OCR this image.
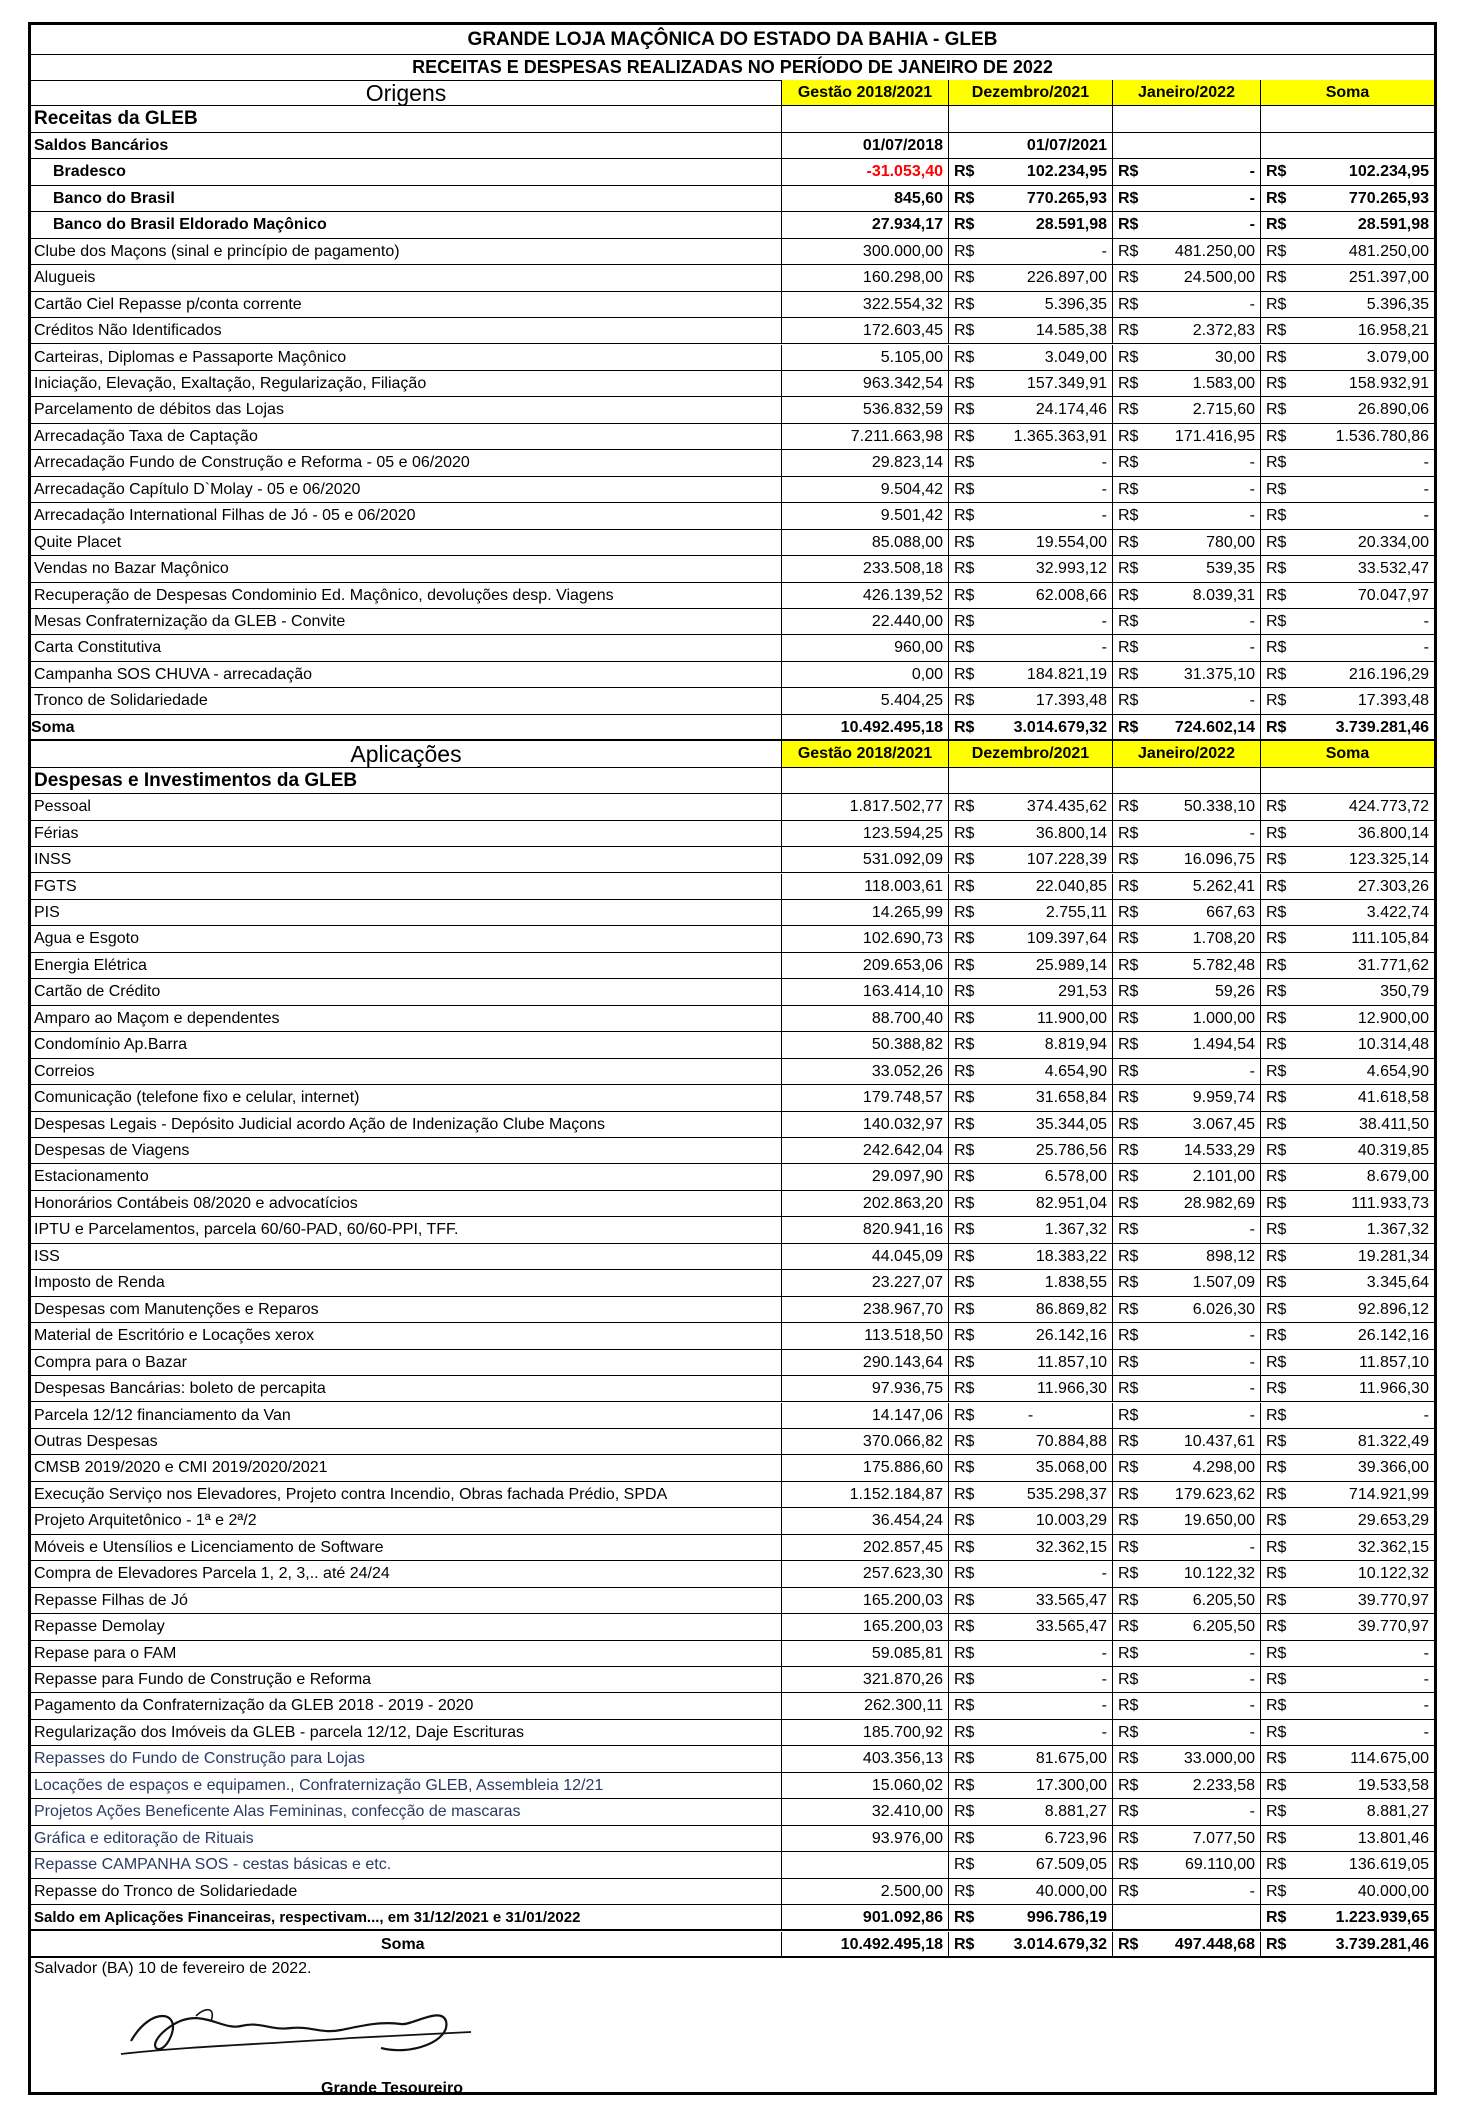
GRANDE LOJA MAÇÔNICA DO ESTADO DA BAHIA - GLEB
RECEITAS E DESPESAS REALIZADAS NO PERÍODO DE JANEIRO DE 2022
Origens	Gestão 2018/2021	Dezembro/2021	Janeiro/2022	Soma
Receitas da GLEB
Saldos Bancários	01/07/2018	01/07/2021
Bradesco	-31.053,40 R$	102.234,95 R$	- R$	102.234,95
Banco do Brasil	845,60 R$	770.265,93 R$	- R$	770.265,93
Banco do Brasil Eldorado Maçônico	27.934,17 R$	28.591,98 R$	- R$	28.591,98
Clube dos Maçons (sinal e princípio de pagamento)	300.000,00 R$	- R$ 481.250,00 R$	481.250,00
Alugueis	160.298,00 R$	226.897,00 R$	24.500,00 R$	251.397,00
Cartão Ciel Repasse p/conta corrente	322.554,32 R$	5.396,35 R$	- R$	5.396,35
Créditos Não Identificados	172.603,45 R$	14.585,38 R$	2.372,83 R$	16.958,21
Carteiras, Diplomas e Passaporte Maçônico	5.105,00 R$	3.049,00 R$	30,00 R$	3.079,00
Iniciação, Elevação, Exaltação, Regularização, Filiação	963.342,54 R$	157.349,91 R$	1.583,00 R$	158.932,91
Parcelamento de débitos das Lojas	536.832,59 R$	24.174,46 R$	2.715,60 R$	26.890,06
Arrecadação Taxa de Captação	7.211.663,98 R$ 1.365.363,91 R$ 171.416,95 R$	1.536.780,86
Arrecadação Fundo de Construção e Reforma - 05 e 06/2020	29.823,14 R$	- R$	- R$	-
Arrecadação Capítulo D`Molay - 05 e 06/2020	9.504,42 R$	- R$	- R$	-
Arrecadação International Filhas de Jó - 05 e 06/2020	9.501,42 R$	- R$	- R$	-
Quite Placet	85.088,00 R$	19.554,00 R$	780,00 R$	20.334,00
Vendas no Bazar Maçônico	233.508,18 R$	32.993,12 R$	539,35 R$	33.532,47
Recuperação de Despesas Condominio Ed. Maçônico, devoluções desp. Viagens	426.139,52 R$	62.008,66 R$	8.039,31 R$	70.047,97
Mesas Confraternização da GLEB - Convite	22.440,00 R$	- R$	- R$	-
Carta Constitutiva	960,00 R$	- R$	- R$	-
Campanha SOS CHUVA - arrecadação	0,00 R$	184.821,19 R$	31.375,10 R$	216.196,29
Tronco de Solidariedade	5.404,25 R$	17.393,48 R$	- R$	17.393,48
Soma	10.492.495,18 R$ 3.014.679,32 R$ 724.602,14 R$	3.739.281,46
Aplicações	Gestão 2018/2021	Dezembro/2021	Janeiro/2022	Soma
Despesas e Investimentos da GLEB
Pessoal	1.817.502,77 R$	374.435,62 R$	50.338,10 R$	424.773,72
Férias	123.594,25 R$	36.800,14 R$	- R$	36.800,14
INSS	531.092,09 R$	107.228,39 R$	16.096,75 R$	123.325,14
FGTS	118.003,61 R$	22.040,85 R$	5.262,41 R$	27.303,26
PIS	14.265,99 R$	2.755,11 R$	667,63 R$	3.422,74
Agua e Esgoto	102.690,73 R$	109.397,64 R$	1.708,20 R$	111.105,84
Energia Elétrica	209.653,06 R$	25.989,14 R$	5.782,48 R$	31.771,62
Cartão de Crédito	163.414,10 R$	291,53 R$	59,26 R$	350,79
Amparo ao Maçom e dependentes	88.700,40 R$	11.900,00 R$	1.000,00 R$	12.900,00
Condomínio Ap.Barra	50.388,82 R$	8.819,94 R$	1.494,54 R$	10.314,48
Correios	33.052,26 R$	4.654,90 R$	- R$	4.654,90
Comunicação (telefone fixo e celular, internet)	179.748,57 R$	31.658,84 R$	9.959,74 R$	41.618,58
Despesas Legais - Depósito Judicial acordo Ação de Indenização Clube Maçons	140.032,97 R$	35.344,05 R$	3.067,45 R$	38.411,50
Despesas de Viagens	242.642,04 R$	25.786,56 R$	14.533,29 R$	40.319,85
Estacionamento	29.097,90 R$	6.578,00 R$	2.101,00 R$	8.679,00
Honorários Contábeis 08/2020 e advocatícios	202.863,20 R$	82.951,04 R$	28.982,69 R$	111.933,73
IPTU e Parcelamentos, parcela 60/60-PAD, 60/60-PPI, TFF.	820.941,16 R$	1.367,32 R$	- R$	1.367,32
ISS	44.045,09 R$	18.383,22 R$	898,12 R$	19.281,34
Imposto de Renda	23.227,07 R$	1.838,55 R$	1.507,09 R$	3.345,64
Despesas com Manutenções e Reparos	238.967,70 R$	86.869,82 R$	6.026,30 R$	92.896,12
Material de Escritório e Locações xerox	113.518,50 R$	26.142,16 R$	- R$	26.142,16
Compra para o Bazar	290.143,64 R$	11.857,10 R$	- R$	11.857,10
Despesas Bancárias: boleto de percapita	97.936,75 R$	11.966,30 R$	- R$	11.966,30
Parcela 12/12 financiamento da Van	14.147,06 R$	-	R$	- R$	-
Outras Despesas	370.066,82 R$	70.884,88 R$	10.437,61 R$	81.322,49
CMSB 2019/2020 e CMI 2019/2020/2021	175.886,60 R$	35.068,00 R$	4.298,00 R$	39.366,00
Execução Serviço nos Elevadores, Projeto contra Incendio, Obras fachada Prédio, SPDA	1.152.184,87 R$	535.298,37 R$ 179.623,62 R$	714.921,99
Projeto Arquitetônico - 1ª e 2ª/2	36.454,24 R$	10.003,29 R$	19.650,00 R$	29.653,29
Móveis e Utensílios e Licenciamento de Software	202.857,45 R$	32.362,15 R$	- R$	32.362,15
Compra de Elevadores Parcela 1, 2, 3,.. até 24/24	257.623,30 R$	- R$	10.122,32 R$	10.122,32
Repasse Filhas de Jó	165.200,03 R$	33.565,47 R$	6.205,50 R$	39.770,97
Repasse Demolay	165.200,03 R$	33.565,47 R$	6.205,50 R$	39.770,97
Repase para o FAM	59.085,81 R$	- R$	- R$	-
Repasse para Fundo de Construção e Reforma	321.870,26 R$	- R$	- R$	-
Pagamento da Confraternização da GLEB 2018 - 2019 - 2020	262.300,11 R$	- R$	- R$	-
Regularização dos Imóveis da GLEB - parcela 12/12, Daje Escrituras	185.700,92 R$	- R$	- R$	-
Repasses do Fundo de Construção para Lojas	403.356,13 R$	81.675,00 R$	33.000,00 R$	114.675,00
Locações de espaços e equipamen., Confraternização GLEB, Assembleia 12/21	15.060,02 R$	17.300,00 R$	2.233,58 R$	19.533,58
Projetos Ações Beneficente Alas Femininas, confecção de mascaras	32.410,00 R$	8.881,27 R$	- R$	8.881,27
Gráfica e editoração de Rituais	93.976,00 R$	6.723,96 R$	7.077,50 R$	13.801,46
Repasse CAMPANHA SOS - cestas básicas e etc.	R$	67.509,05 R$	69.110,00 R$	136.619,05
Repasse do Tronco de Solidariedade	2.500,00 R$	40.000,00 R$	- R$	40.000,00
Saldo em Aplicações Financeiras, respectivam..., em 31/12/2021 e 31/01/2022	901.092,86 R$	996.786,19	R$	1.223.939,65
Soma	10.492.495,18 R$ 3.014.679,32 R$ 497.448,68 R$	3.739.281,46
Salvador (BA) 10 de fevereiro de 2022.
Grande Tesoureiro
